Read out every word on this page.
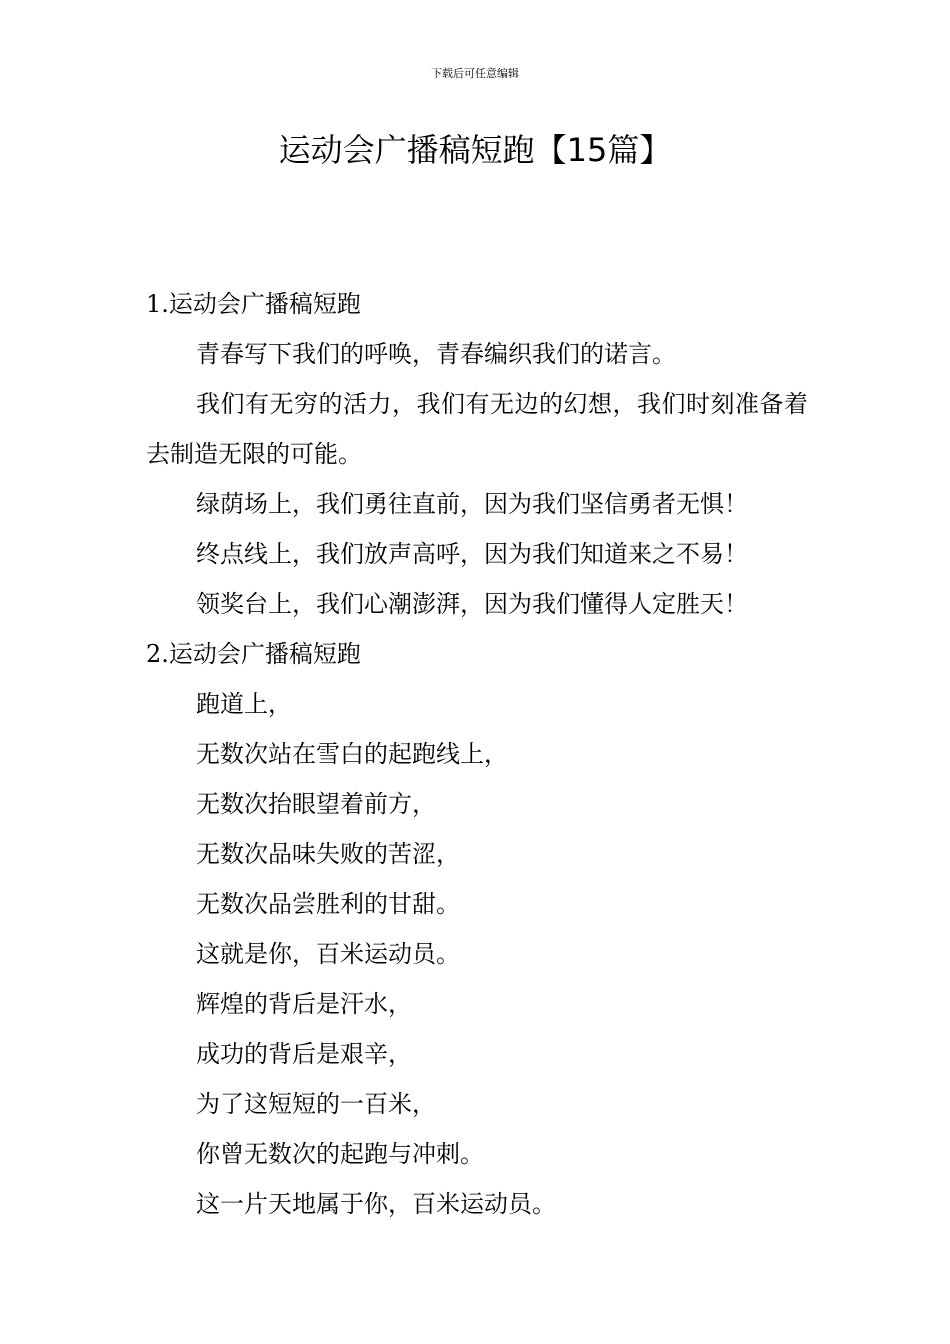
下载后可任意编辑
运动会广播稿短跑【15篇】

1.运动会广播稿短跑

青春写下我们的呼唤，青春编织我们的诺言。

我们有无穷的活力，我们有无边的幻想，我们时刻准备着去制造无限的可能。

绿荫场上，我们勇往直前，因为我们坚信勇者无惧！

终点线上，我们放声高呼，因为我们知道来之不易！

领奖台上，我们心潮澎湃，因为我们懂得人定胜天！

2.运动会广播稿短跑

跑道上，

无数次站在雪白的起跑线上，

无数次抬眼望着前方，

无数次品味失败的苦涩，

无数次品尝胜利的甘甜。

这就是你，百米运动员。

辉煌的背后是汗水，

成功的背后是艰辛，

为了这短短的一百米，

你曾无数次的起跑与冲刺。

这一片天地属于你，百米运动员。
